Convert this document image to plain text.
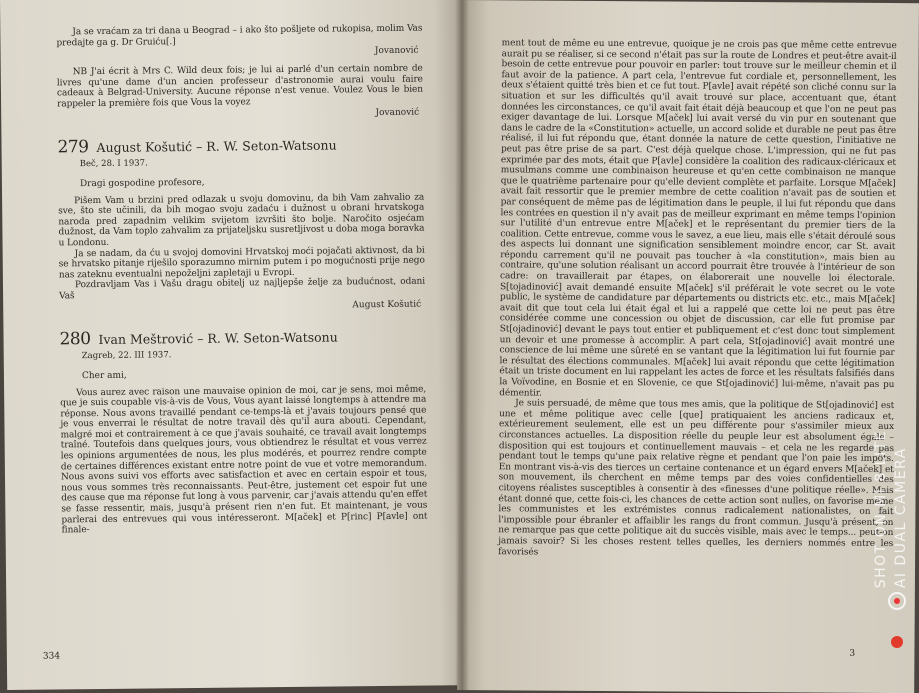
Ja se vraćam za tri dana u Beograd – i ako što pošljete od rukopisa, molim Vas predajte ga g. Dr Gruiću[.]

Jovanović

NB J'ai écrit à Mrs C. Wild deux fois; je lui ai parlé d'un certain nombre de livres qu'une dame d'un ancien professeur d'astronomie aurai voulu faire cadeaux à Belgrad-University. Aucune réponse n'est venue. Voulez Vous le bien rappeler la première fois que Vous la voyez

Jovanović

279 August Košutić – R. W. Seton-Watsonu

Beč, 28. I 1937.

Dragi gospodine profesore,

Pišem Vam u brzini pred odlazak u svoju domovinu, da bih Vam zahvalio za sve, što ste učinili, da bih mogao svoju zadaću i dužnost u obrani hrvatskoga naroda pred zapadnim velikim svijetom izvršiti što bolje. Naročito osjećam dužnost, da Vam toplo zahvalim za prijateljsku susretljivost u doba moga boravka u Londonu.

Ja se nadam, da ću u svojoj domovini Hrvatskoj moći pojačati aktivnost, da bi se hrvatsko pitanje riješilo sporazumno mirnim putem i po mogućnosti prije nego nas zateknu eventualni nepoželjni zapletaji u Evropi.

Pozdravljam Vas i Vašu dragu obitelj uz najljepše želje za budućnost, odani Vaš

August Košutić

280 Ivan Meštrović – R. W. Seton-Watsonu

Zagreb, 22. III 1937.

Cher ami,

Vous aurez avec raison une mauvaise opinion de moi, car je sens, moi même, que je suis coupable vis-à-vis de Vous, Vous ayant laissé longtemps à attendre ma réponse. Nous avons travaillé pendant ce-temps-là et j'avais toujours pensé que je vous enverrai le résultat de notre travail dès qu'il aura abouti. Cependant, malgré moi et contrairement à ce que j'avais souhaité, ce travail avait longtemps traîné. Toutefois dans quelques jours, vous obtiendrez le résultat et vous verrez les opinions argumentées de nous, les plus modérés, et pourrez rendre compte de certaines différences existant entre notre point de vue et votre memorandum. Nous avons suivi vos efforts avec satisfaction et avec en certain espoir et tous, nous vous sommes très reconnaissants. Peut-être, justement cet espoir fut une des cause que ma réponse fut long à vous parvenir, car j'avais attendu qu'en effet se fasse ressentir, mais, jusqu'à présent rien n'en fut. Et maintenant, je vous parlerai des entrevues qui vous intéresseront. M[aček] et P[rinc] P[avle] ont finale-

334

ment tout de même eu une entrevue, quoique je ne crois pas que même cette entrevue aurait pu se réaliser, si ce second n'était pas sur la route de Londres et peut-être avait-il besoin de cette entrevue pour pouvoir en parler: tout trouve sur le meilleur chemin et il faut avoir de la patience. A part cela, l'entrevue fut cordiale et, personnellement, les deux s'étaient quitté très bien et ce fut tout. P[avle] avait répété son cliché connu sur la situation et sur les difficultés qu'il avait trouvé sur place, accentuant que, étant données les circonstances, ce qu'il avait fait était déjà beaucoup et que l'on ne peut pas exiger davantage de lui. Lorsque M[aček] lui avait versé du vin pur en soutenant que dans le cadre de la «Constitution» actuelle, un accord solide et durable ne peut pas être réalisé, il lui fut répondu que, étant donnée la nature de cette question, l'initiative ne peut pas être prise de sa part. C'est déjà quelque chose. L'impression, qui ne fut pas exprimée par des mots, était que P[avle] considère la coalition des radicaux-cléricaux et musulmans comme une combinaison heureuse et qu'en cette combinaison ne manque que le quatrième partenaire pour qu'elle devient complète et parfaite. Lorsque M[aček] avait fait ressortir que le premier membre de cette coalition n'avait pas de soutien et par conséquent de même pas de légitimation dans le peuple, il lui fut répondu que dans les contrées en question il n'y avait pas de meilleur exprimant en même temps l'opinion sur l'utilité d'un entrevue entre M[aček] et le représentant du premier tiers de la coalition. Cette entrevue, comme vous le savez, a eue lieu, mais elle s'était déroulé sous des aspects lui donnant une signification sensiblement moindre encor, car St. avait répondu carrement qu'il ne pouvait pas toucher à «la constitution», mais bien au contraire, qu'une solution réalisant un accord pourrait être trouvée à l'intérieur de son cadre: on travaillerait par étapes, on élaborerait une nouvelle loi électorale. S[tojadinović] avait demandé ensuite M[aček] s'il préférait le vote secret ou le vote public, le système de candidature par départements ou districts etc. etc., mais M[aček] avait dit que tout cela lui était égal et lui a rappelé que cette loi ne peut pas être considérée comme une concession ou objet de discussion, car elle fut promise par St[ojadinović] devant le pays tout entier et publiquement et c'est donc tout simplement un devoir et une promesse à accomplir. A part cela, St[ojadinović] avait montré une conscience de lui même une sûreté en se vantant que la légitimation lui fut fournie par le résultat des élections communales. M[aček] lui avait répondu que cette légitimation était un triste document en lui rappelant les actes de force et les résultats falsifiés dans la Voïvodine, en Bosnie et en Slovenie, ce que St[ojadinović] lui-même, n'avait pas pu démentir.

Je suis persuadé, de même que tous mes amis, que la politique de St[ojadinović] est une et même politique avec celle [que] pratiquaient les anciens radicaux et, extérieurement seulement, elle est un peu différente pour s'assimiler mieux aux circonstances actuelles. La disposition réelle du peuple leur est absolument égale – disposition qui est toujours et continuellement mauvais – et cela ne les regarde pas pendant tout le temps qu'une paix relative règne et pendant que l'on paie les impôts. En montrant vis-à-vis des tierces un certaine contenance et un égard envers M[aček] et son mouvement, ils cherchent en même temps par des voies confidentielles des citoyens réalistes susceptibles à consentir à des «finesses d'une politique réelle». Mais étant donné que, cette fois-ci, les chances de cette action sont nulles, on favorise même les communistes et les extrémistes connus radicalement nationalistes, on fait l'impossible pour ébranler et affaiblir les rangs du front commun. Jusqu'à présent, on ne remarque pas que cette politique ait du succès visible, mais avec le temps... peut-on jamais savoir? Si les choses restent telles quelles, les derniers nommés entre les favorisés

3
SHOT ON MI 8 LITE AI DUAL CAMERA
